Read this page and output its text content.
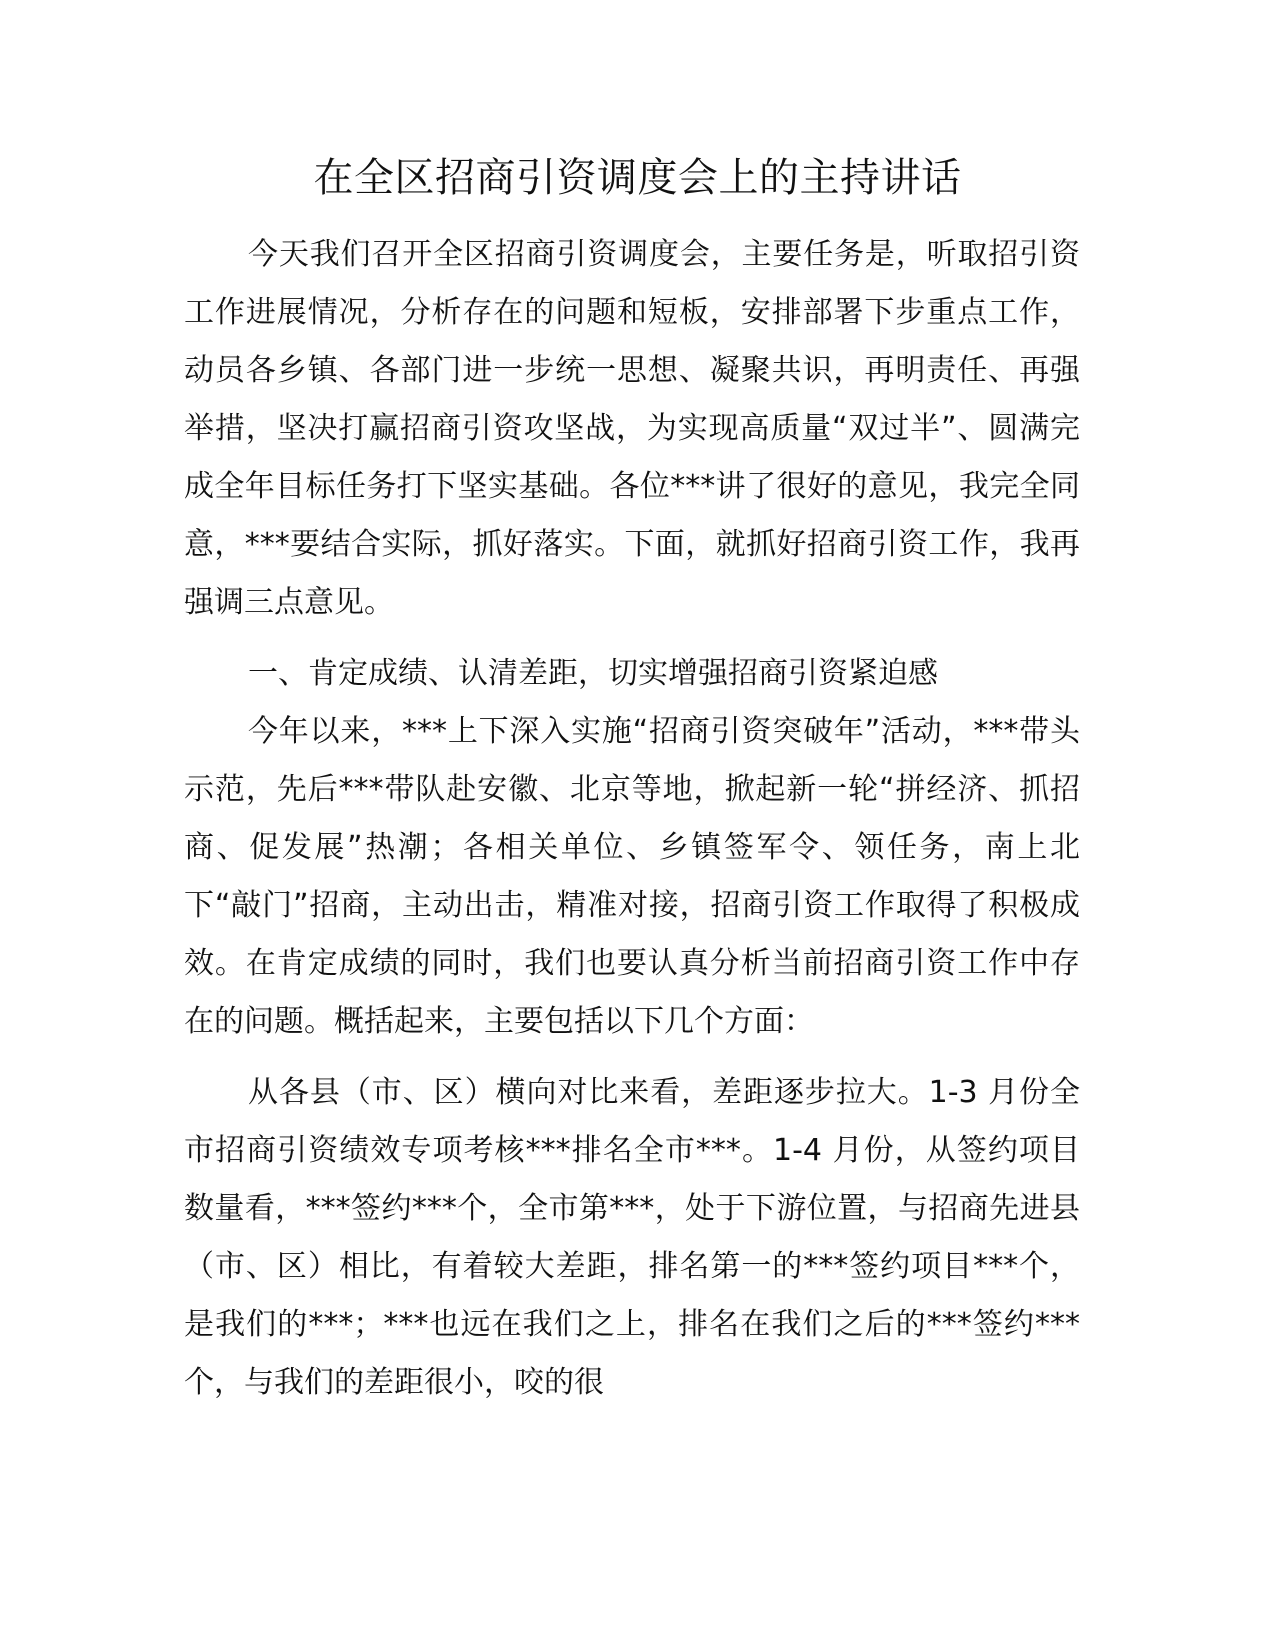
在全区招商引资调度会上的主持讲话

今天我们召开全区招商引资调度会，主要任务是，听取招引资工作进展情况，分析存在的问题和短板，安排部署下步重点工作，动员各乡镇、各部门进一步统一思想、凝聚共识，再明责任、再强举措，坚决打赢招商引资攻坚战，为实现高质量“双过半”、圆满完成全年目标任务打下坚实基础。各位***讲了很好的意见，我完全同意，***要结合实际，抓好落实。下面，就抓好招商引资工作，我再强调三点意见。

一、肯定成绩、认清差距，切实增强招商引资紧迫感

今年以来，***上下深入实施“招商引资突破年”活动，***带头示范，先后***带队赴安徽、北京等地，掀起新一轮“拼经济、抓招商、促发展”热潮；各相关单位、乡镇签军令、领任务，南上北下“敲门”招商，主动出击，精准对接，招商引资工作取得了积极成效。在肯定成绩的同时，我们也要认真分析当前招商引资工作中存在的问题。概括起来，主要包括以下几个方面：

从各县（市、区）横向对比来看，差距逐步拉大。1-3 月份全市招商引资绩效专项考核***排名全市***。1-4 月份，从签约项目数量看，***签约***个，全市第***，处于下游位置，与招商先进县（市、区）相比，有着较大差距，排名第一的***签约项目***个，是我们的***；***也远在我们之上，排名在我们之后的***签约***个，与我们的差距很小，咬的很
